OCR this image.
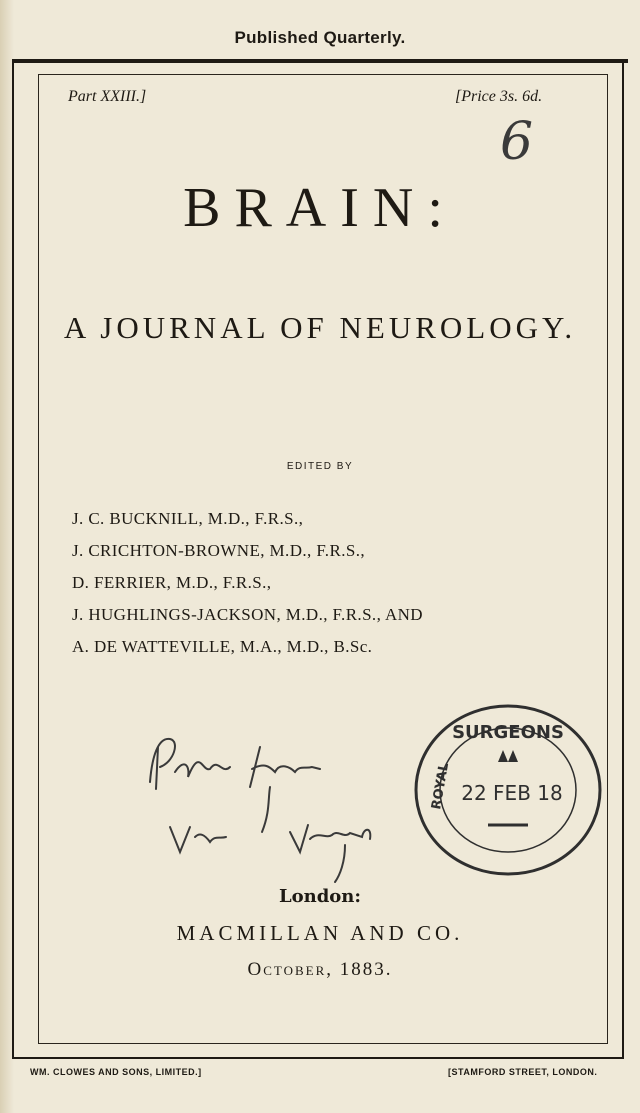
Published Quarterly.
Part XXIII.]	[Price 3s. 6d.
6
BRAIN:
A JOURNAL OF NEUROLOGY.
EDITED BY
J. C. BUCKNILL, M.D., F.R.S.,
J. CRICHTON-BROWNE, M.D., F.R.S.,
D. FERRIER, M.D., F.R.S.,
J. HUGHLINGS-JACKSON, M.D., F.R.S., AND
A. DE WATTEVILLE, M.A., M.D., B.Sc.
SURGEONS
ROYAL 22 FEB 18
London:
MACMILLAN AND CO.
October, 1883.
WM. CLOWES AND SONS, LIMITED.]	[STAMFORD STREET, LONDON.
